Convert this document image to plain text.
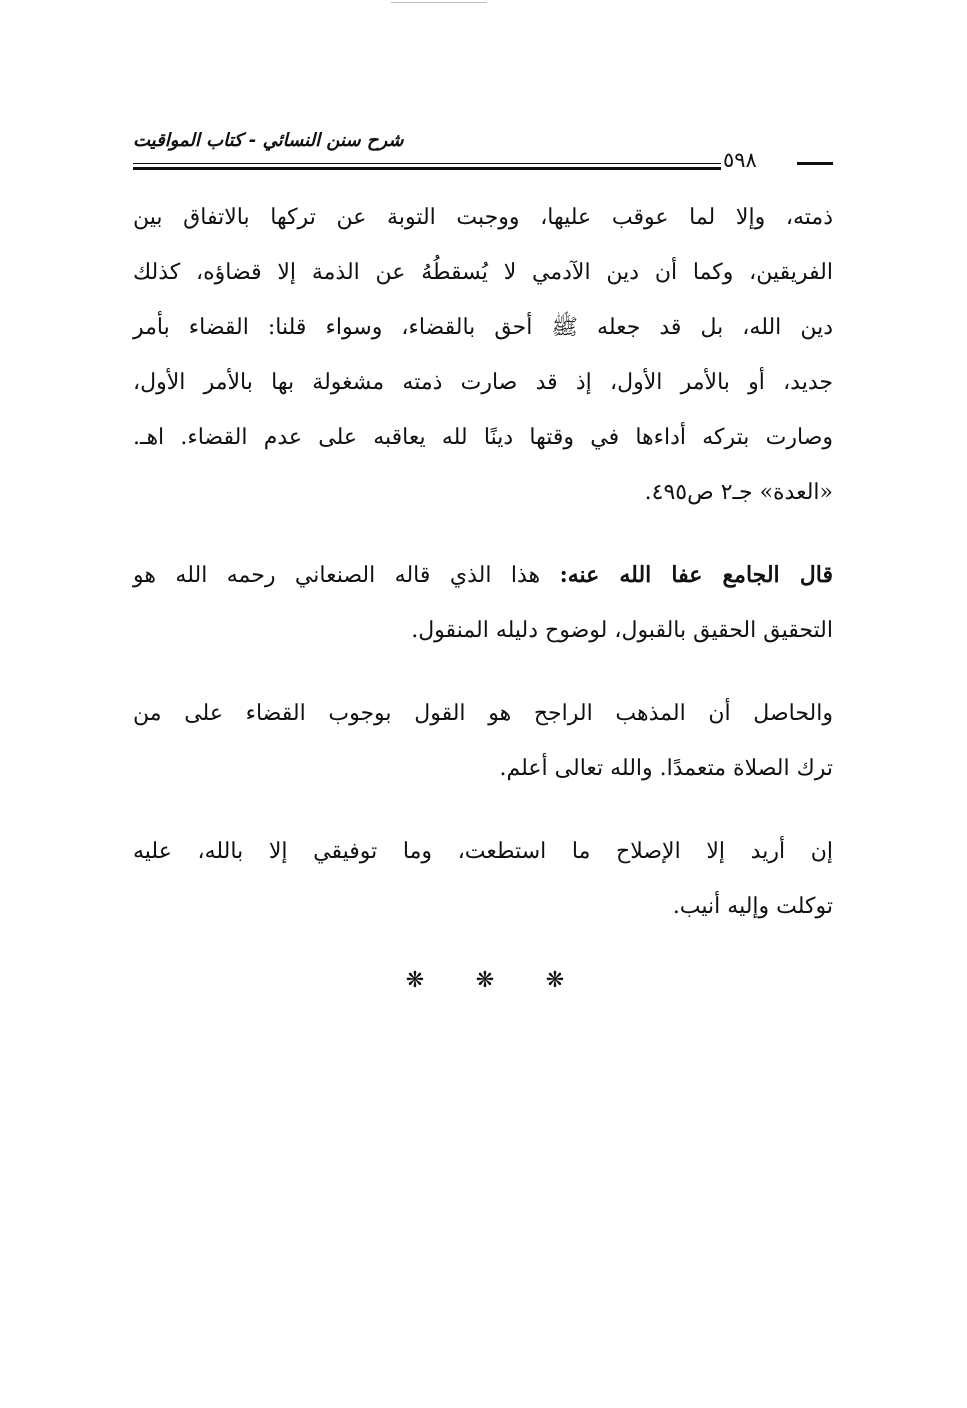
شرح سنن النسائي - كتاب المواقيت
٥٩٨

ذمته، وإلا لما عوقب عليها، ووجبت التوبة عن تركها بالاتفاق بين
الفريقين، وكما أن دين الآدمي لا يُسقطُهُ عن الذمة إلا قضاؤه، كذلك
دين الله، بل قد جعله ﷺ أحق بالقضاء، وسواء قلنا: القضاء بأمر
جديد، أو بالأمر الأول، إذ قد صارت ذمته مشغولة بها بالأمر الأول،
وصارت بتركه أداءها في وقتها دينًا لله يعاقبه على عدم القضاء. اهـ.
«العدة» جـ٢ ص٤٩٥.

قال الجامع عفا الله عنه: هذا الذي قاله الصنعاني رحمه الله هو
التحقيق الحقيق بالقبول، لوضوح دليله المنقول.

والحاصل أن المذهب الراجح هو القول بوجوب القضاء على من
ترك الصلاة متعمدًا. والله تعالى أعلم.

إن أريد إلا الإصلاح ما استطعت، وما توفيقي إلا بالله، عليه
توكلت وإليه أنيب.

❋ ❋ ❋
